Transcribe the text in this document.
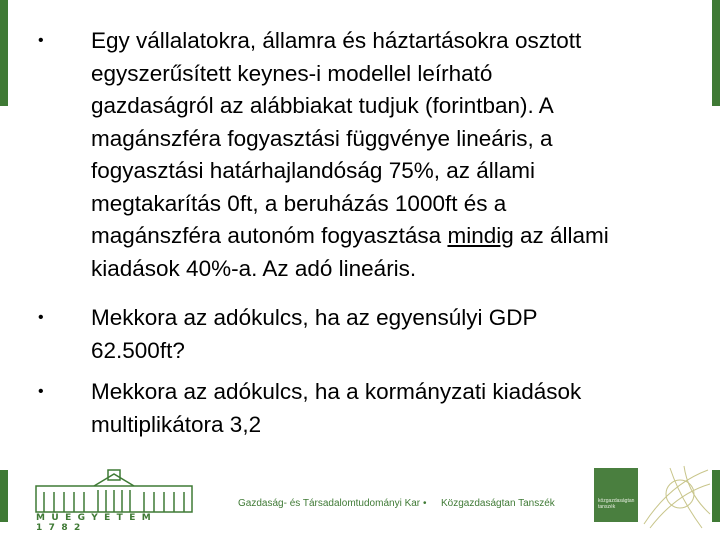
•	Egy vállalatokra, államra és háztartásokra osztott
egyszerűsített keynes-i modellel leírható
gazdaságról az alábbiakat tudjuk (forintban). A
magánszféra fogyasztási függvénye lineáris, a
fogyasztási határhajlandóság 75%, az állami
megtakarítás 0ft, a beruházás 1000ft és a
magánszféra autonóm fogyasztása mindig az állami
kiadások 40%-a. Az adó lineáris.
•	Mekkora az adókulcs, ha az egyensúlyi GDP
62.500ft?
•	Mekkora az adókulcs, ha a kormányzati kiadások
multiplikátora 3,2
MŰEGYETEM 1782
Gazdaság- és Társadalomtudományi Kar • Közgazdaságtan Tanszék	közgazdaságtan
tanszék
